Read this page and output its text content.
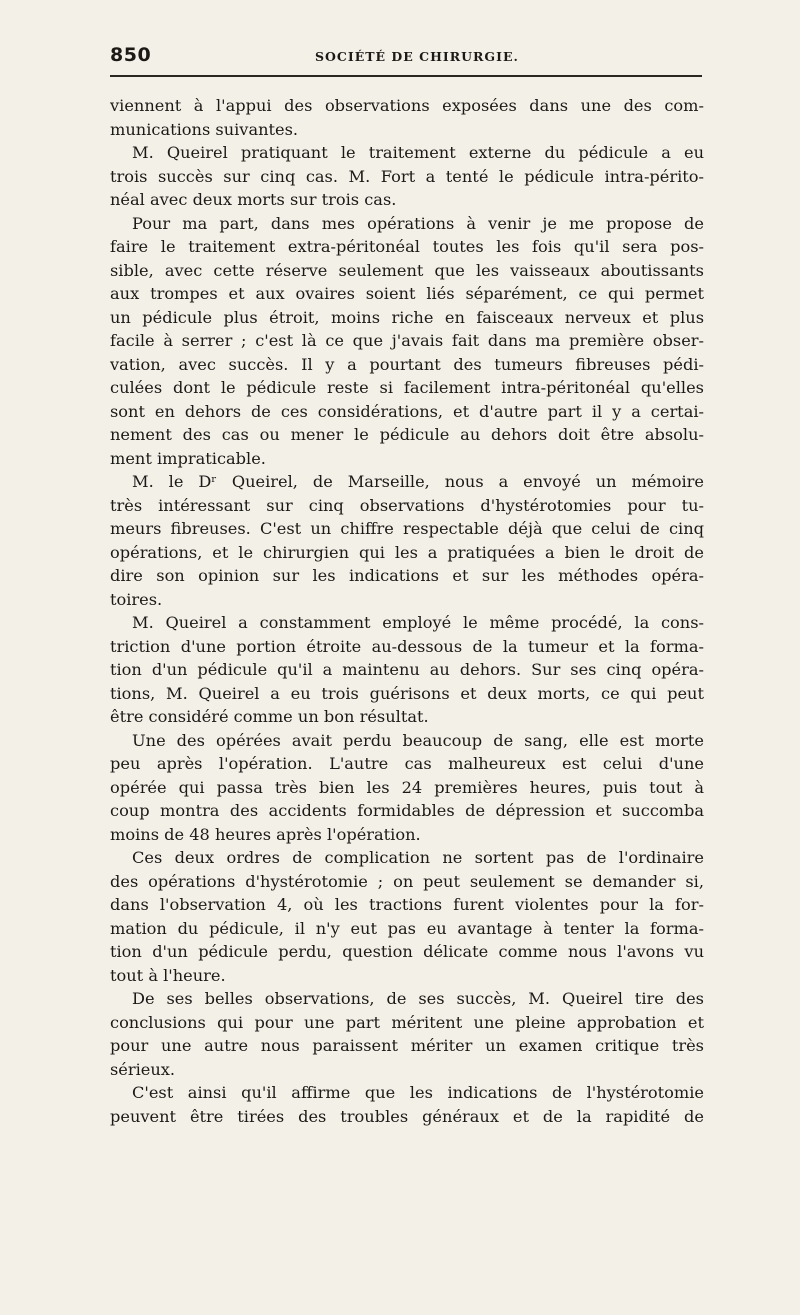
850	SOCIÉTÉ DE CHIRURGIE.
viennent à l'appui des observations exposées dans une des com-
munications suivantes.
M. Queirel pratiquant le traitement externe du pédicule a eu
trois succès sur cinq cas. M. Fort a tenté le pédicule intra-périto-
néal avec deux morts sur trois cas.
Pour ma part, dans mes opérations à venir je me propose de
faire le traitement extra-péritonéal toutes les fois qu'il sera pos-
sible, avec cette réserve seulement que les vaisseaux aboutissants
aux trompes et aux ovaires soient liés séparément, ce qui permet
un pédicule plus étroit, moins riche en faisceaux nerveux et plus
facile à serrer ; c'est là ce que j'avais fait dans ma première obser-
vation, avec succès. Il y a pourtant des tumeurs fibreuses pédi-
culées dont le pédicule reste si facilement intra-péritonéal qu'elles
sont en dehors de ces considérations, et d'autre part il y a certai-
nement des cas ou mener le pédicule au dehors doit être absolu-
ment impraticable.
M. le Dʳ Queirel, de Marseille, nous a envoyé un mémoire
très intéressant sur cinq observations d'hystérotomies pour tu-
meurs fibreuses. C'est un chiffre respectable déjà que celui de cinq
opérations, et le chirurgien qui les a pratiquées a bien le droit de
dire son opinion sur les indications et sur les méthodes opéra-
toires.
M. Queirel a constamment employé le même procédé, la cons-
triction d'une portion étroite au-dessous de la tumeur et la forma-
tion d'un pédicule qu'il a maintenu au dehors. Sur ses cinq opéra-
tions, M. Queirel a eu trois guérisons et deux morts, ce qui peut
être considéré comme un bon résultat.
Une des opérées avait perdu beaucoup de sang, elle est morte
peu après l'opération. L'autre cas malheureux est celui d'une
opérée qui passa très bien les 24 premières heures, puis tout à
coup montra des accidents formidables de dépression et succomba
moins de 48 heures après l'opération.
Ces deux ordres de complication ne sortent pas de l'ordinaire
des opérations d'hystérotomie ; on peut seulement se demander si,
dans l'observation 4, où les tractions furent violentes pour la for-
mation du pédicule, il n'y eut pas eu avantage à tenter la forma-
tion d'un pédicule perdu, question délicate comme nous l'avons vu
tout à l'heure.
De ses belles observations, de ses succès, M. Queirel tire des
conclusions qui pour une part méritent une pleine approbation et
pour une autre nous paraissent mériter un examen critique très
sérieux.
C'est ainsi qu'il affirme que les indications de l'hystérotomie
peuvent être tirées des troubles généraux et de la rapidité de
